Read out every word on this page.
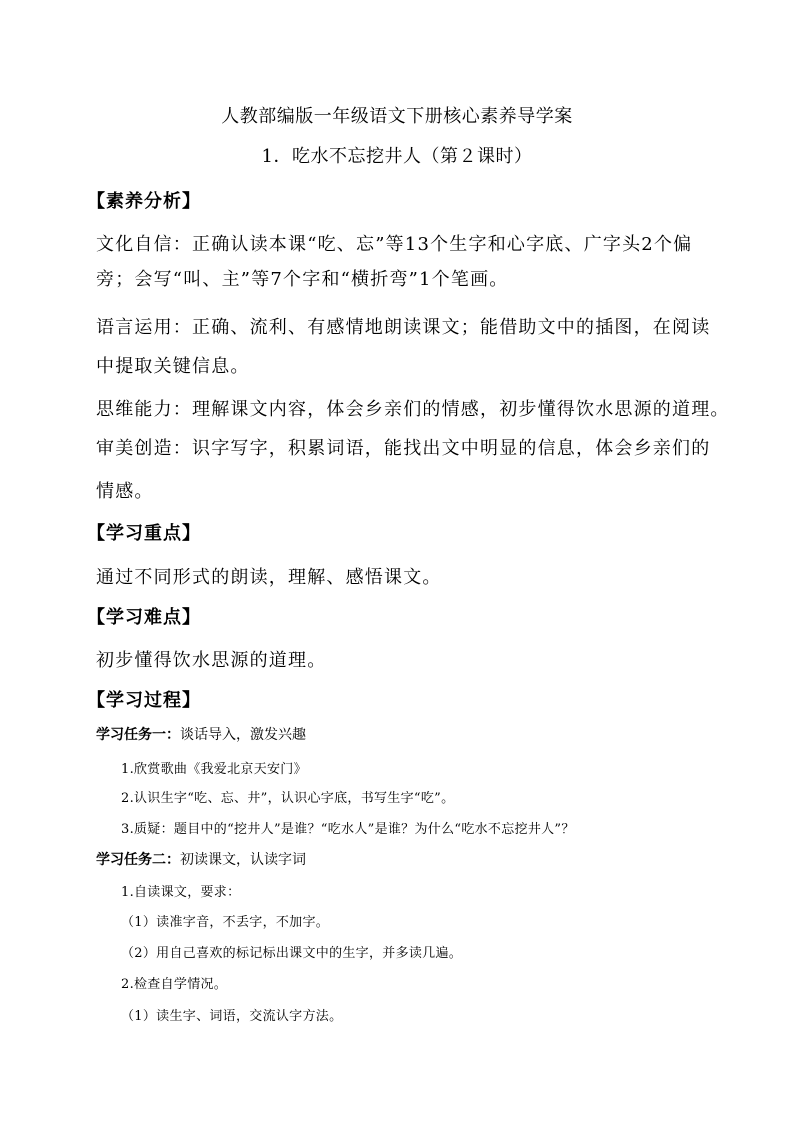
人教部编版一年级语文下册核心素养导学案
1．吃水不忘挖井人（第２课时）
【素养分析】
文化自信：正确认读本课“吃、忘”等13个生字和心字底、广字头2个偏
旁；会写“叫、主”等7个字和“横折弯”1个笔画。
语言运用：正确、流利、有感情地朗读课文；能借助文中的插图，在阅读
中提取关键信息。
思维能力：理解课文内容，体会乡亲们的情感，初步懂得饮水思源的道理。
审美创造：识字写字，积累词语，能找出文中明显的信息，体会乡亲们的
情感。
【学习重点】
通过不同形式的朗读，理解、感悟课文。
【学习难点】
初步懂得饮水思源的道理。
【学习过程】
学习任务一：谈话导入，激发兴趣
1.欣赏歌曲《我爱北京天安门》
2.认识生字“吃、忘、井”，认识心字底，书写生字“吃”。
3.质疑：题目中的“挖井人”是谁？“吃水人”是谁？为什么“吃水不忘挖井人”？
学习任务二：初读课文，认读字词
1.自读课文，要求：
（1）读准字音，不丢字，不加字。
（2）用自己喜欢的标记标出课文中的生字，并多读几遍。
2.检查自学情况。
（1）读生字、词语，交流认字方法。
